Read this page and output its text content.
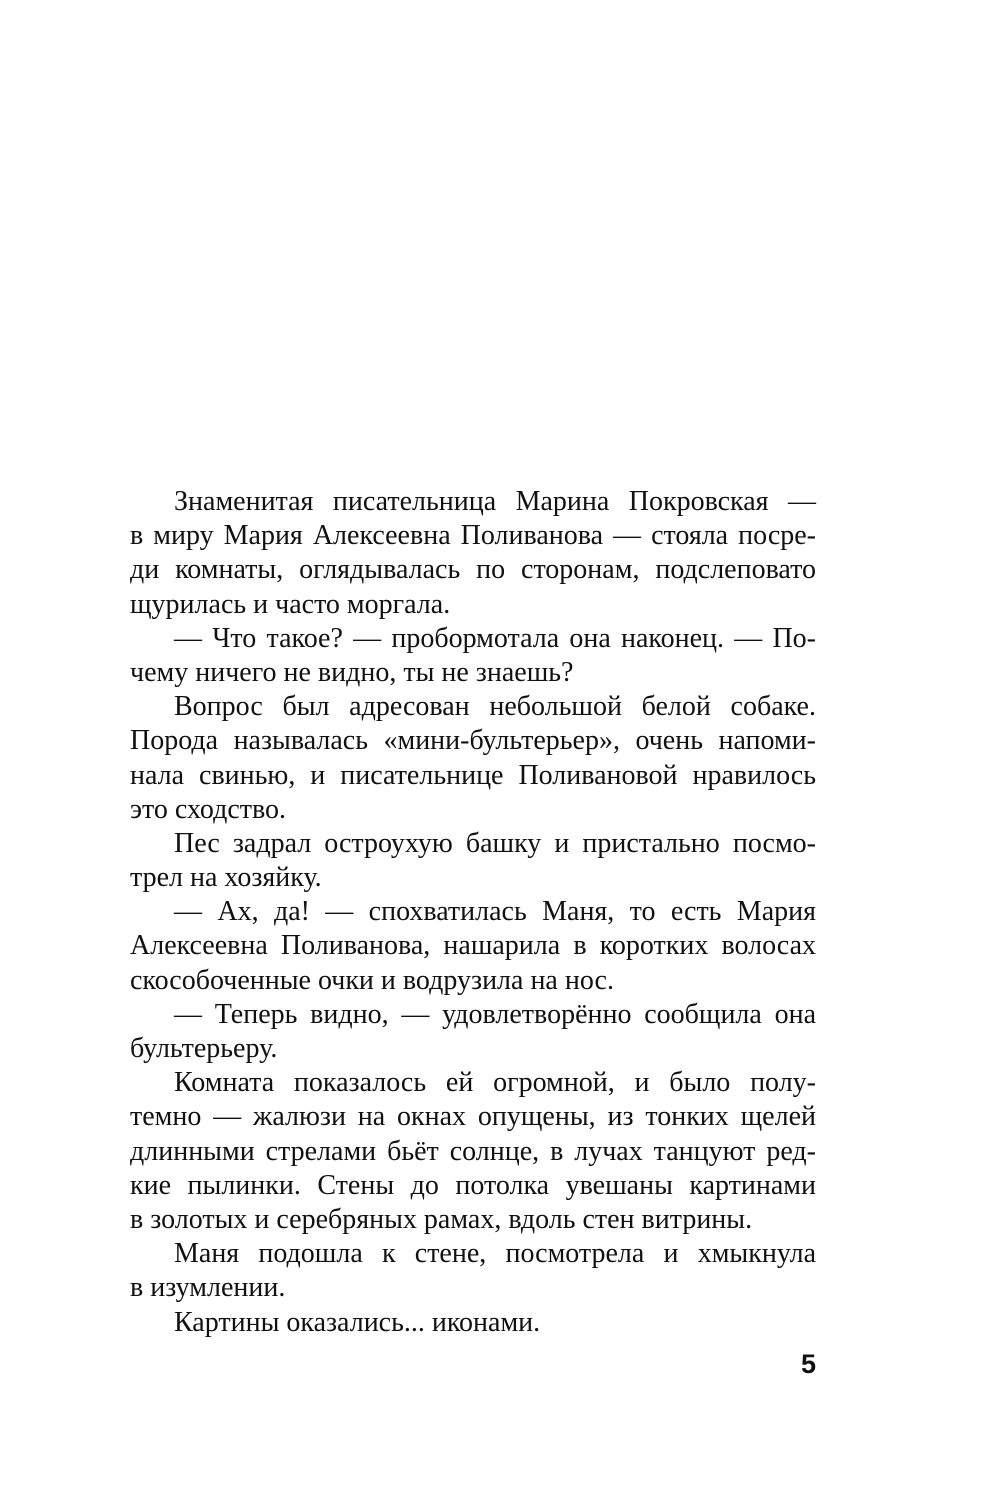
Знаменитая писательница Марина Покровская —
в миру Мария Алексеевна Поливанова — стояла посре-
ди комнаты, оглядывалась по сторонам, подслеповато
щурилась и часто моргала.
— Что такое? — пробормотала она наконец. — По-
чему ничего не видно, ты не знаешь?
Вопрос был адресован небольшой белой собаке.
Порода называлась «мини-бультерьер», очень напоми-
нала свинью, и писательнице Поливановой нравилось
это сходство.
Пес задрал остроухую башку и пристально посмо-
трел на хозяйку.
— Ах, да! — спохватилась Маня, то есть Мария
Алексеевна Поливанова, нашарила в коротких волосах
скособоченные очки и водрузила на нос.
— Теперь видно, — удовлетворённо сообщила она
бультерьеру.
Комната показалось ей огромной, и было полу-
темно — жалюзи на окнах опущены, из тонких щелей
длинными стрелами бьёт солнце, в лучах танцуют ред-
кие пылинки. Стены до потолка увешаны картинами
в золотых и серебряных рамах, вдоль стен витрины.
Маня подошла к стене, посмотрела и хмыкнула
в изумлении.
Картины оказались... иконами.
5
